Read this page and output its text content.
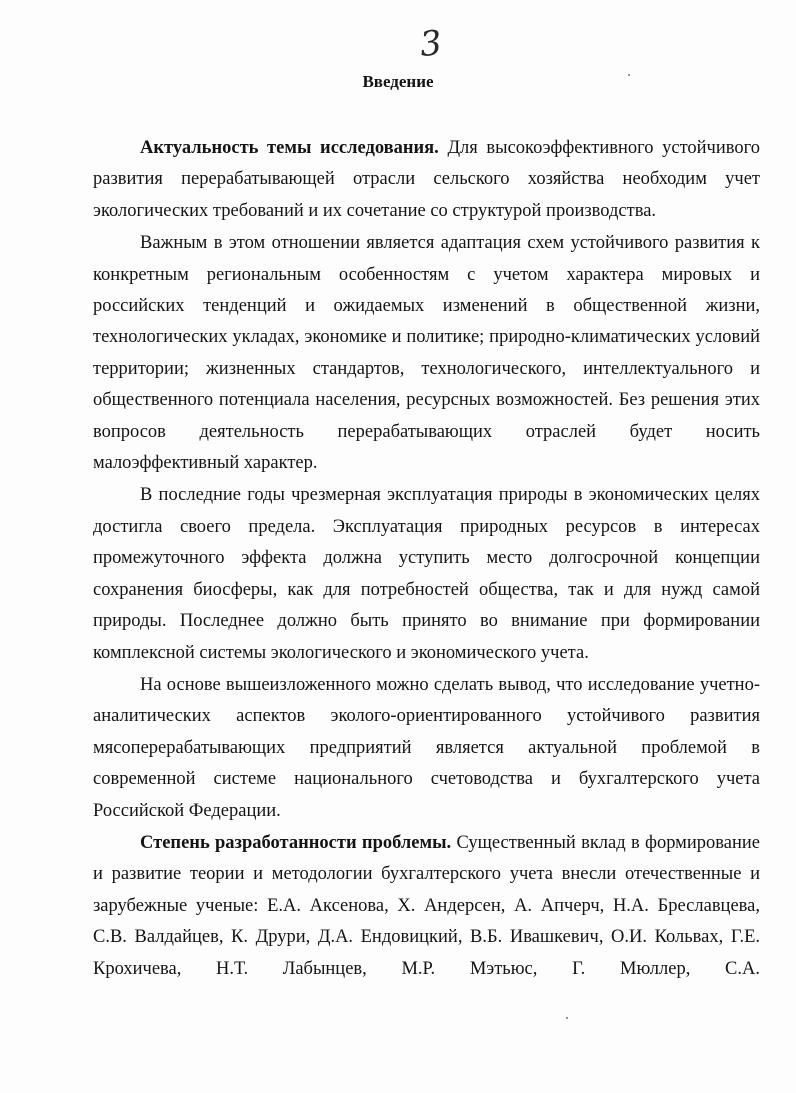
3
Введение

Актуальность темы исследования. Для высокоэффективного устойчивого развития перерабатывающей отрасли сельского хозяйства необходим учет экологических требований и их сочетание со структурой производства.

Важным в этом отношении является адаптация схем устойчивого развития к конкретным региональным особенностям с учетом характера мировых и российских тенденций и ожидаемых изменений в общественной жизни, технологических укладах, экономике и политике; природно-климатических условий территории; жизненных стандартов, технологического, интеллектуального и общественного потенциала населения, ресурсных возможностей. Без решения этих вопросов деятельность перерабатывающих отраслей будет носить малоэффективный характер.

В последние годы чрезмерная эксплуатация природы в экономических целях достигла своего предела. Эксплуатация природных ресурсов в интересах промежуточного эффекта должна уступить место долгосрочной концепции сохранения биосферы, как для потребностей общества, так и для нужд самой природы. Последнее должно быть принято во внимание при формировании комплексной системы экологического и экономического учета.

На основе вышеизложенного можно сделать вывод, что исследование учетно-аналитических аспектов эколого-ориентированного устойчивого развития мясоперерабатывающих предприятий является актуальной проблемой в современной системе национального счетоводства и бухгалтерского учета Российской Федерации.

Степень разработанности проблемы. Существенный вклад в формирование и развитие теории и методологии бухгалтерского учета внесли отечественные и зарубежные ученые: Е.А. Аксенова, Х. Андерсен, А. Апчерч, Н.А. Бреславцева, С.В. Валдайцев, К. Друри, Д.А. Ендовицкий, В.Б. Ивашкевич, О.И. Кольвах, Г.Е. Крохичева, Н.Т. Лабынцев, М.Р. Мэтьюс, Г. Мюллер, С.А.
